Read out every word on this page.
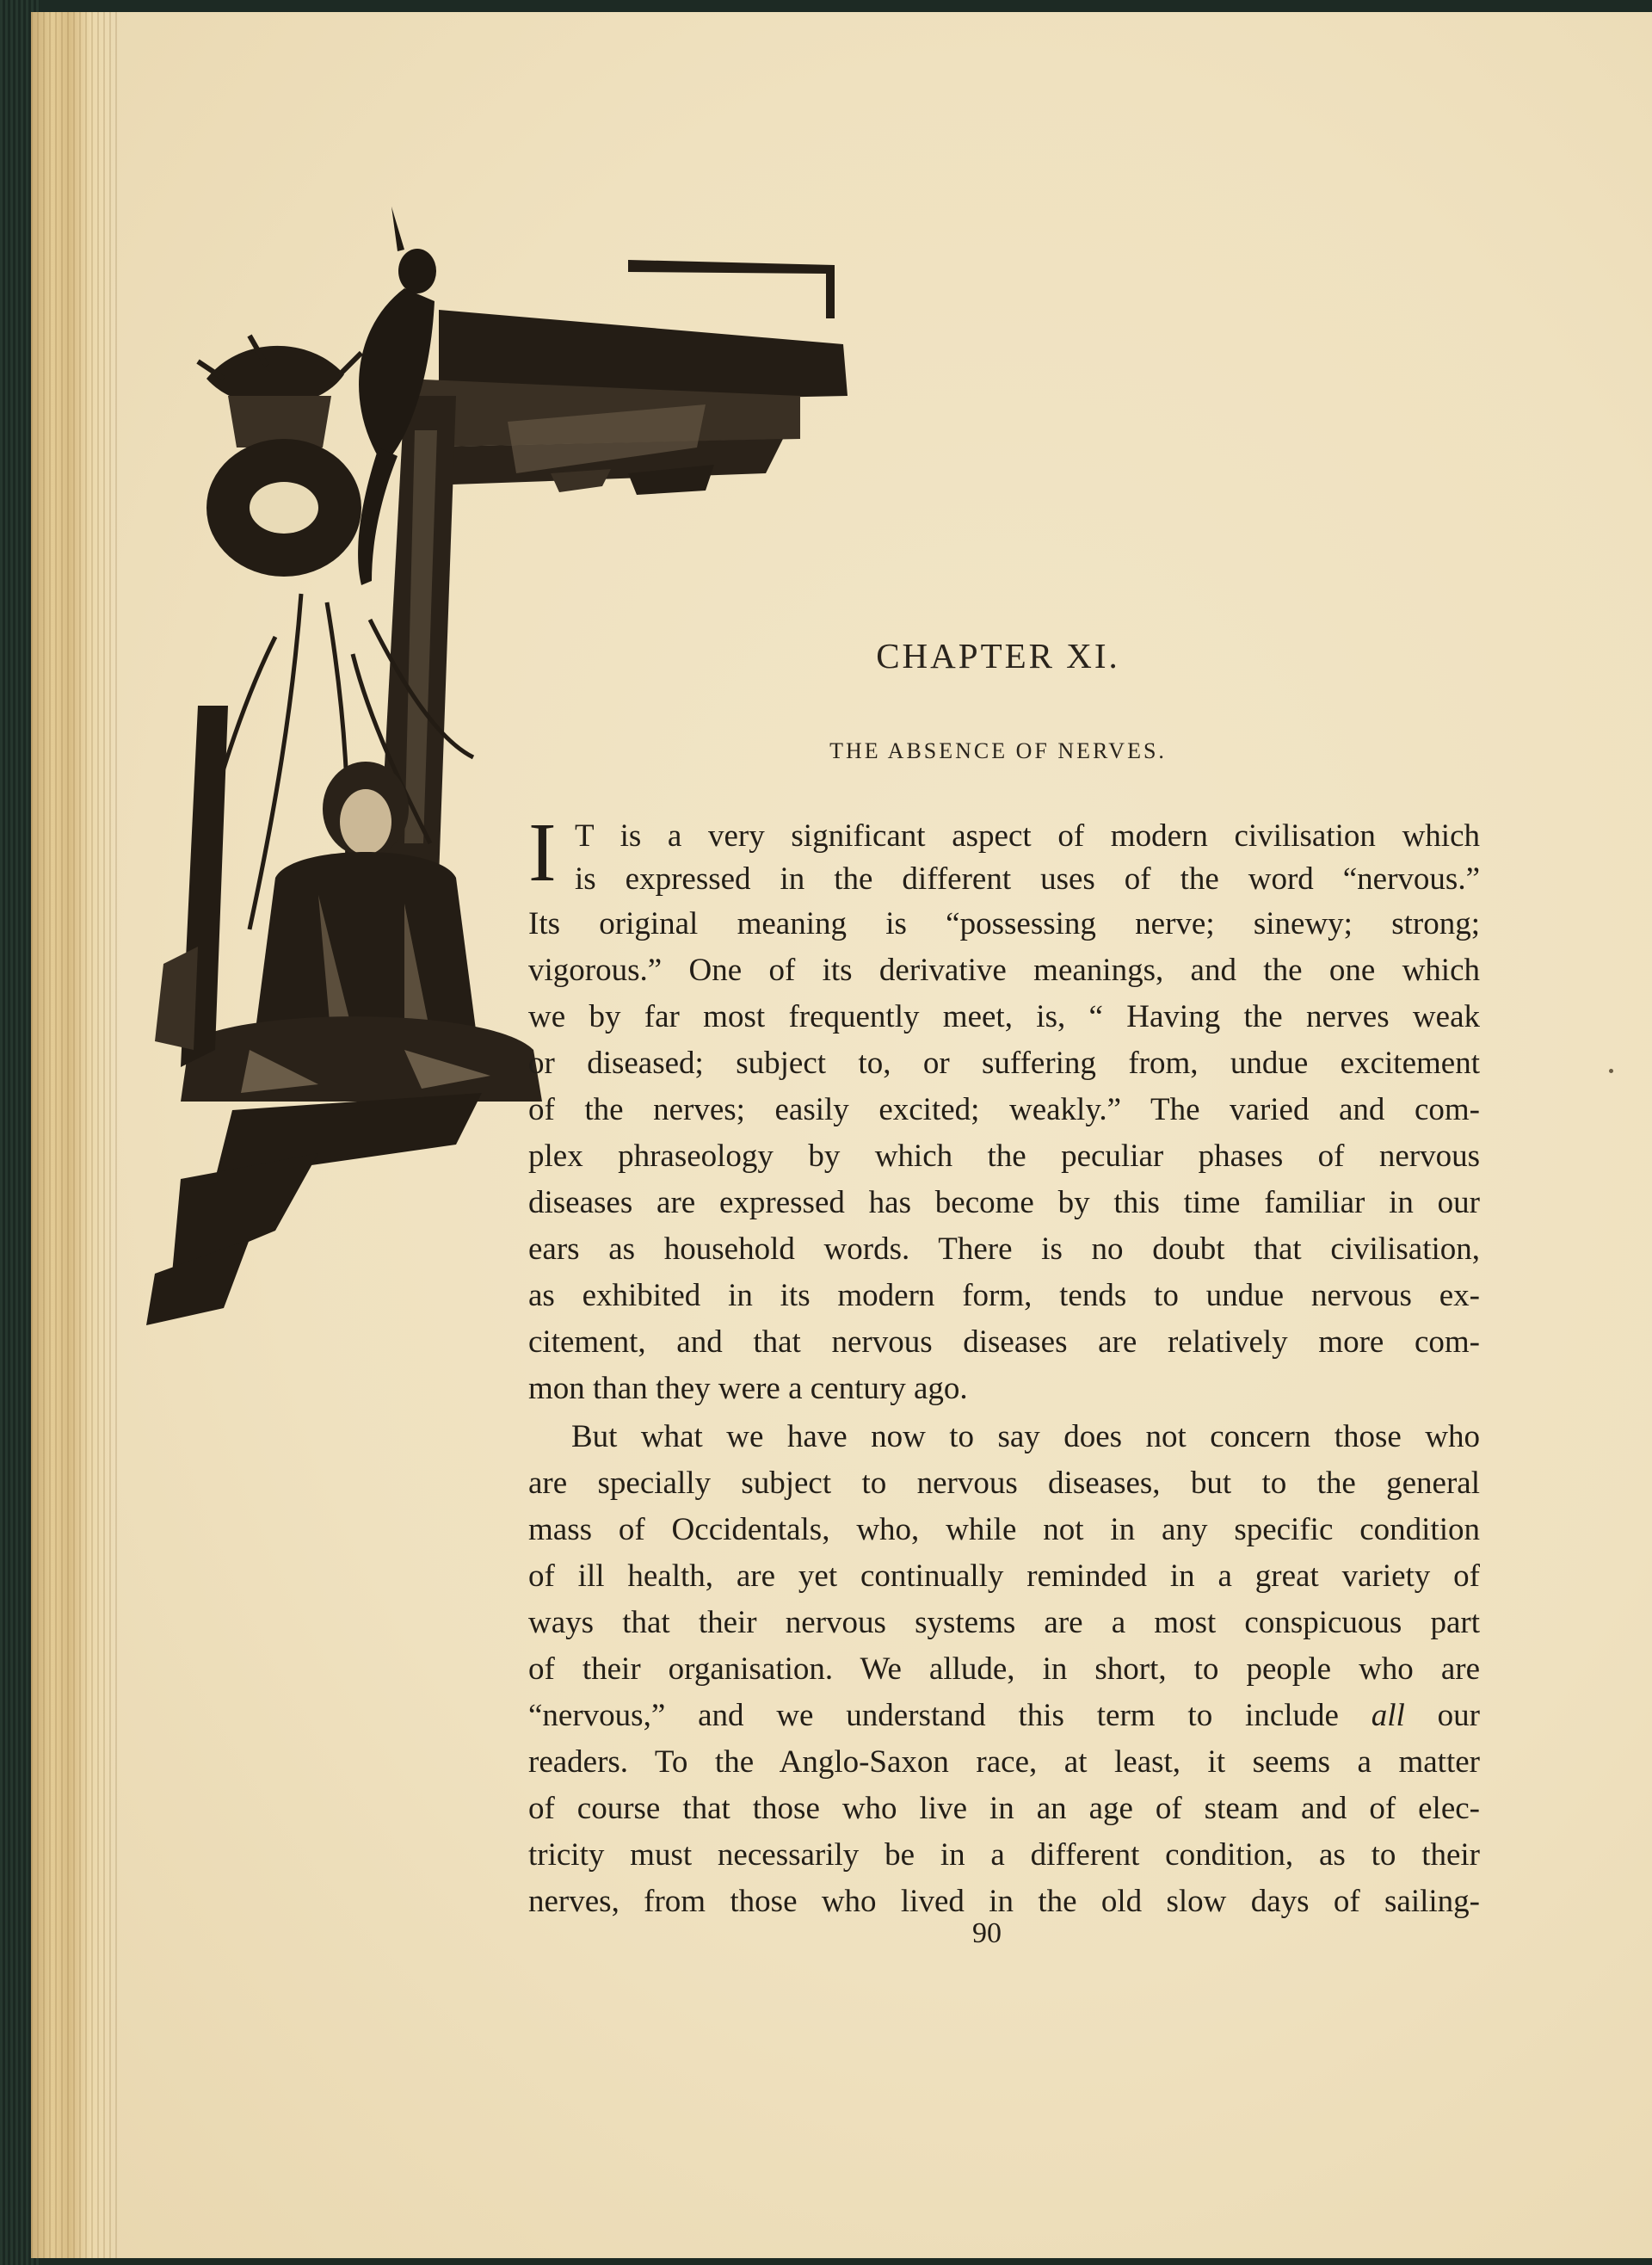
CHAPTER XI.
THE ABSENCE OF NERVES.
I T is a very significant aspect of modern civilisation which
is expressed in the different uses of the word “nervous.”
Its original meaning is “possessing nerve; sinewy; strong;
vigorous.” One of its derivative meanings, and the one which
we by far most frequently meet, is, “ Having the nerves weak
or diseased; subject to, or suffering from, undue excitement
of the nerves; easily excited; weakly.” The varied and com-
plex phraseology by which the peculiar phases of nervous
diseases are expressed has become by this time familiar in our
ears as household words. There is no doubt that civilisation,
as exhibited in its modern form, tends to undue nervous ex-
citement, and that nervous diseases are relatively more com-
mon than they were a century ago.
But what we have now to say does not concern those who
are specially subject to nervous diseases, but to the general
mass of Occidentals, who, while not in any specific condition
of ill health, are yet continually reminded in a great variety of
ways that their nervous systems are a most conspicuous part
of their organisation. We allude, in short, to people who are
“nervous,” and we understand this term to include all our
readers. To the Anglo-Saxon race, at least, it seems a matter
of course that those who live in an age of steam and of elec-
tricity must necessarily be in a different condition, as to their
nerves, from those who lived in the old slow days of sailing-
90
